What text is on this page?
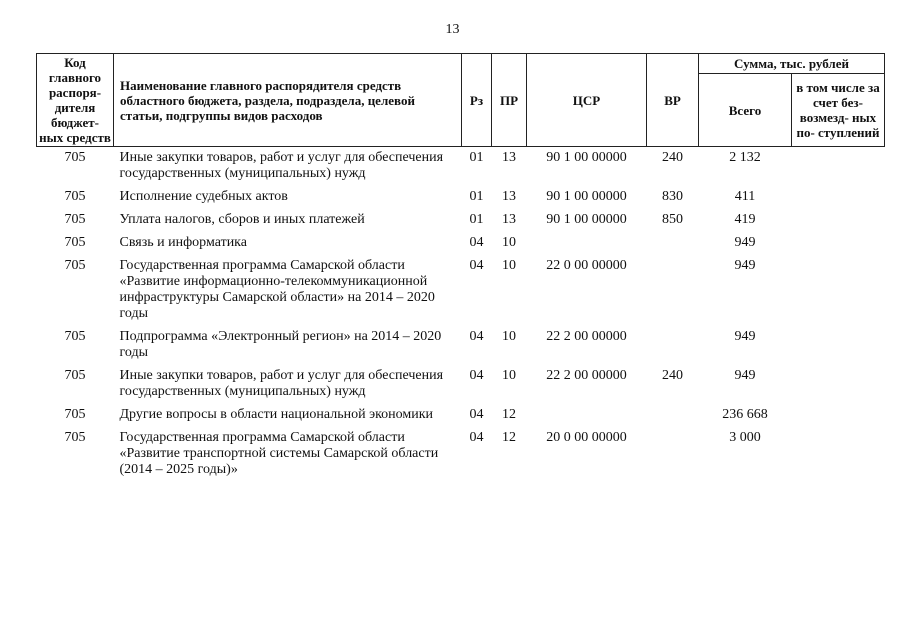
13
Код главного распоря- дителя бюджет- ных средств	Наименование главного распорядителя средств областного бюджета, раздела, подраздела, целевой статьи, подгруппы видов расходов	Рз	ПР	ЦСР	ВР	Сумма, тыс. рублей	
						Всего	в том числе за счет без- возмезд- ных по- ступлений
705	Иные закупки товаров, работ и услуг для обеспечения государственных (муниципальных) нужд	01	13	90 1 00 00000	240	2 132	
705	Исполнение судебных актов	01	13	90 1 00 00000	830	411	
705	Уплата налогов, сборов и иных платежей	01	13	90 1 00 00000	850	419	
705	Связь и информатика	04	10			949	
705	Государственная программа Самарской области «Развитие информационно-телекоммуникационной инфраструктуры Самарской области» на 2014 – 2020 годы	04	10	22 0 00 00000		949	
705	Подпрограмма «Электронный регион» на 2014 – 2020 годы	04	10	22 2 00 00000		949	
705	Иные закупки товаров, работ и услуг для обеспечения государственных (муниципальных) нужд	04	10	22 2 00 00000	240	949	
705	Другие вопросы в области национальной экономики	04	12			236 668	
705	Государственная программа Самарской области «Развитие транспортной системы Самарской области (2014 – 2025 годы)»	04	12	20 0 00 00000		3 000	
